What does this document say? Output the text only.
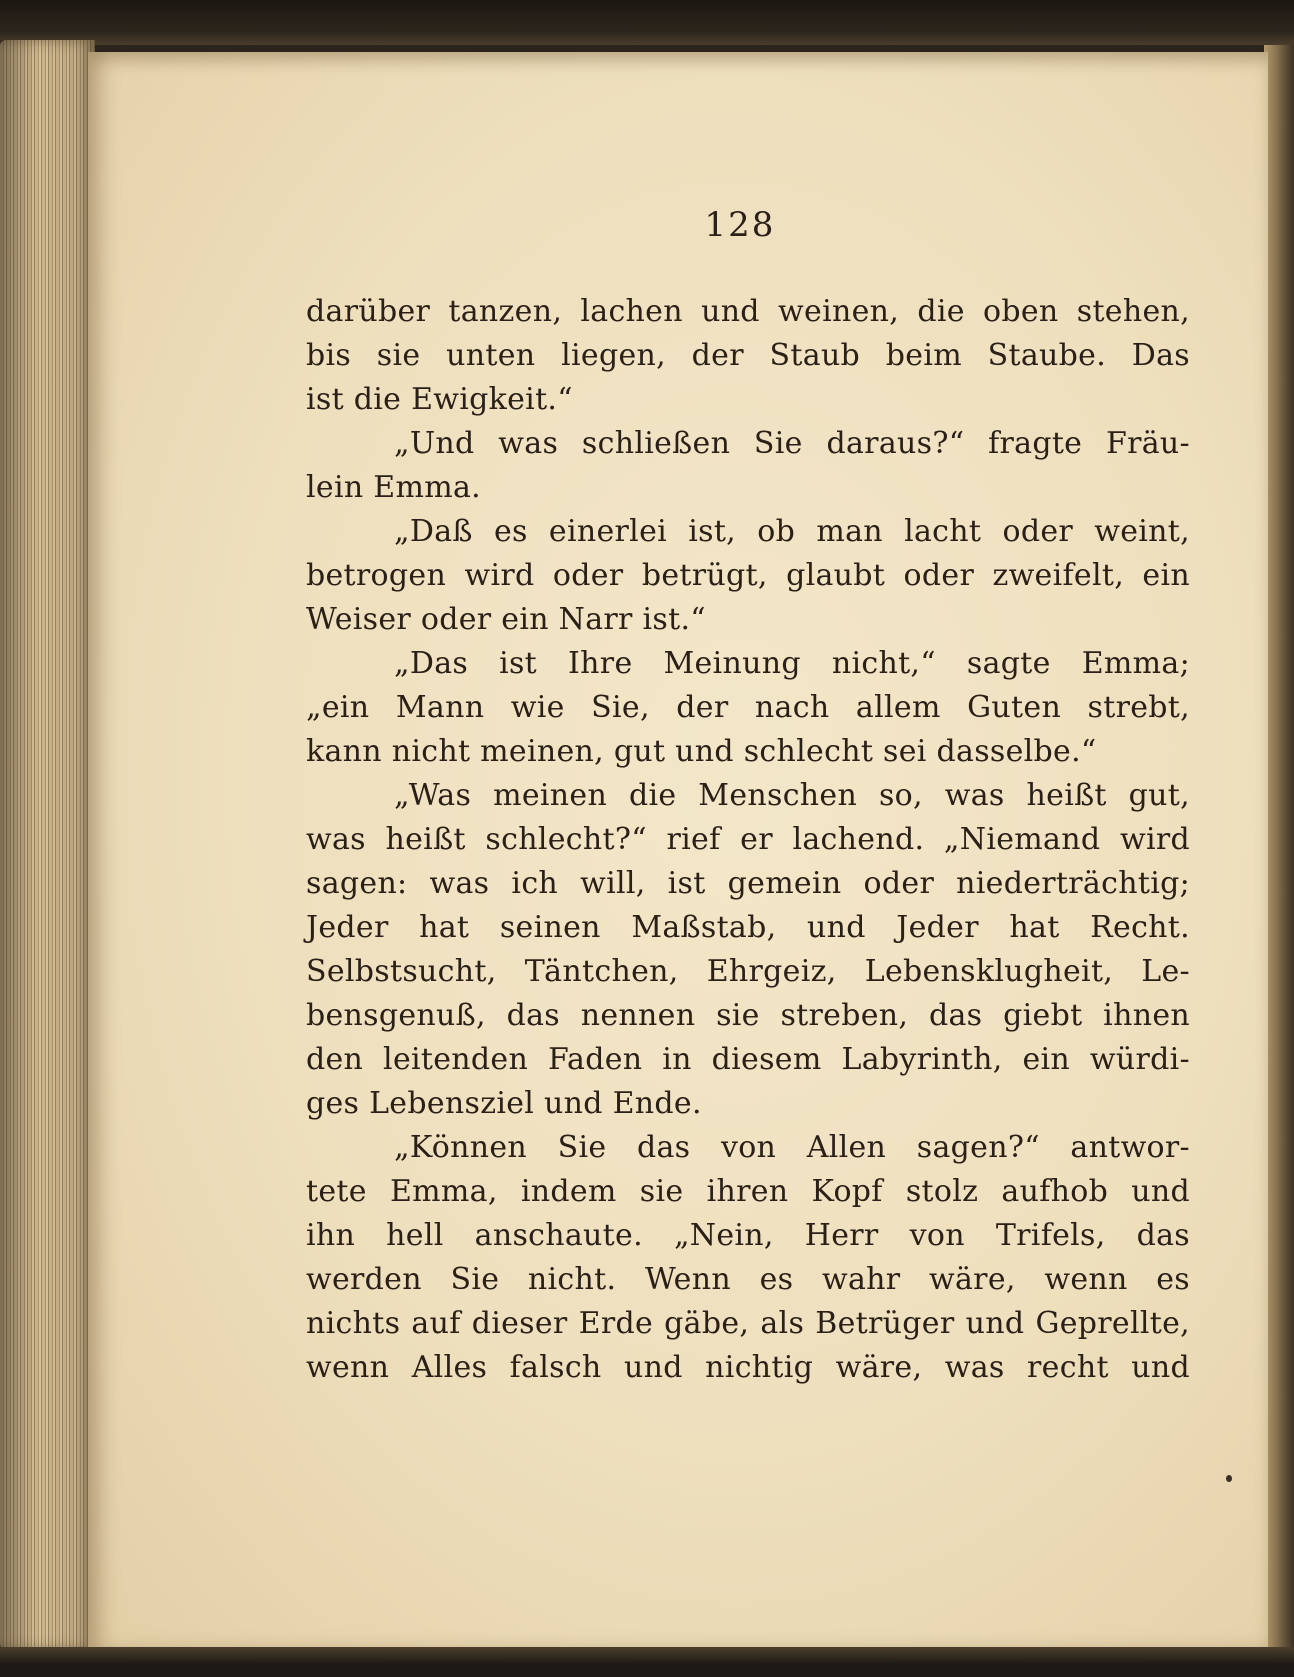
128
darüber tanzen, lachen und weinen, die oben stehen,
bis sie unten liegen, der Staub beim Staube. Das
ist die Ewigkeit.“
„Und was schließen Sie daraus?“ fragte Fräu-
lein Emma.
„Daß es einerlei ist, ob man lacht oder weint,
betrogen wird oder betrügt, glaubt oder zweifelt, ein
Weiser oder ein Narr ist.“
„Das ist Ihre Meinung nicht,“ sagte Emma;
„ein Mann wie Sie, der nach allem Guten strebt,
kann nicht meinen, gut und schlecht sei dasselbe.“
„Was meinen die Menschen so, was heißt gut,
was heißt schlecht?“ rief er lachend. „Niemand wird
sagen: was ich will, ist gemein oder niederträchtig;
Jeder hat seinen Maßstab, und Jeder hat Recht.
Selbstsucht, Täntchen, Ehrgeiz, Lebensklugheit, Le-
bensgenuß, das nennen sie streben, das giebt ihnen
den leitenden Faden in diesem Labyrinth, ein würdi-
ges Lebensziel und Ende.
„Können Sie das von Allen sagen?“ antwor-
tete Emma, indem sie ihren Kopf stolz aufhob und
ihn hell anschaute. „Nein, Herr von Trifels, das
werden Sie nicht. Wenn es wahr wäre, wenn es
nichts auf dieser Erde gäbe, als Betrüger und Geprellte,
wenn Alles falsch und nichtig wäre, was recht und
